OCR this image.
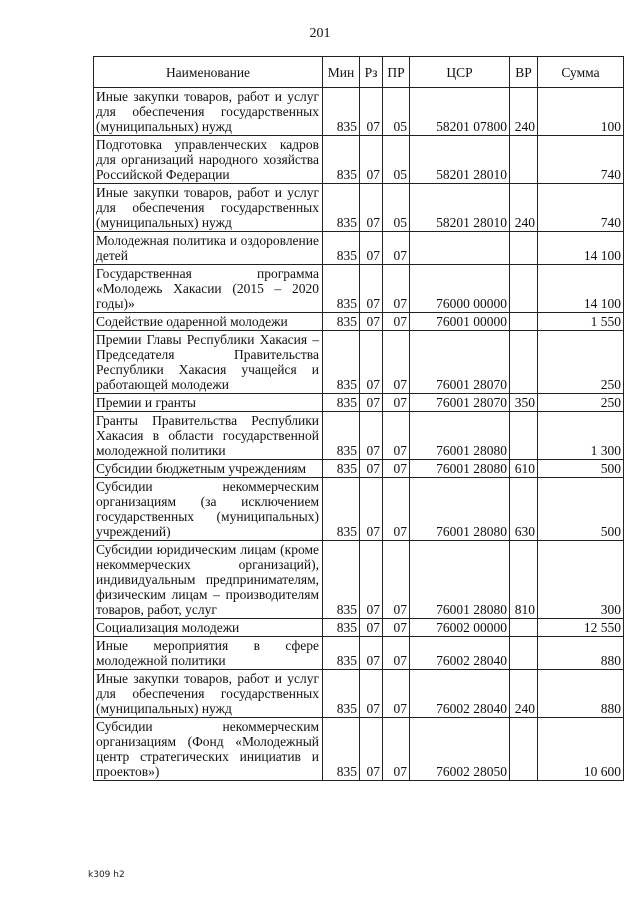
201
Наименование	Мин	Рз	ПР	ЦСР	ВР	Сумма
Иные закупки товаров, работ и услуг для обеспечения государственных (муниципальных) нужд	835	07	05	58201 07800	240	100
Подготовка управленческих кадров для организаций народного хозяйства Российской Федерации	835	07	05	58201 28010		740
Иные закупки товаров, работ и услуг для обеспечения государственных (муниципальных) нужд	835	07	05	58201 28010	240	740
Молодежная политика и оздоровление детей	835	07	07			14 100
Государственная программа «Молодежь Хакасии (2015 – 2020 годы)»	835	07	07	76000 00000		14 100
Содействие одаренной молодежи	835	07	07	76001 00000		1 550
Премии Главы Республики Хакасия – Председателя Правительства Республики Хакасия учащейся и работающей молодежи	835	07	07	76001 28070		250
Премии и гранты	835	07	07	76001 28070	350	250
Гранты Правительства Республики Хакасия в области государственной молодежной политики	835	07	07	76001 28080		1 300
Субсидии бюджетным учреждениям	835	07	07	76001 28080	610	500
Субсидии некоммерческим организациям (за исключением государственных (муниципальных) учреждений)	835	07	07	76001 28080	630	500
Субсидии юридическим лицам (кроме некоммерческих организаций), индивидуальным предпринимателям, физическим лицам – производителям товаров, работ, услуг	835	07	07	76001 28080	810	300
Социализация молодежи	835	07	07	76002 00000		12 550
Иные мероприятия в сфере молодежной политики	835	07	07	76002 28040		880
Иные закупки товаров, работ и услуг для обеспечения государственных (муниципальных) нужд	835	07	07	76002 28040	240	880
Субсидии некоммерческим организациям (Фонд «Молодежный центр стратегических инициатив и проектов»)	835	07	07	76002 28050		10 600
k309 h2
